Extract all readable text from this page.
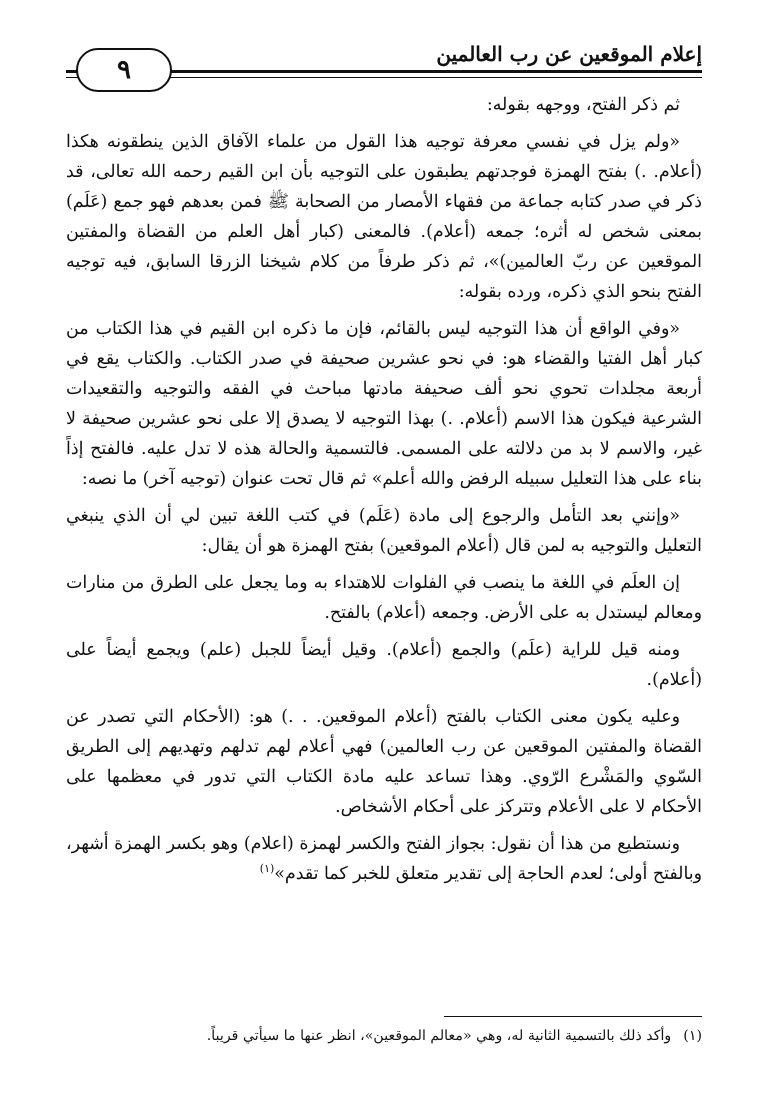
إعلام الموقعين عن رب العالمين
٩

ثم ذكر الفتح، ووجهه بقوله:

«ولم يزل في نفسي معرفة توجيه هذا القول من علماء الآفاق الذين ينطقونه هكذا (أعلام. .) بفتح الهمزة فوجدتهم يطبقون على التوجيه بأن ابن القيم رحمه الله تعالى، قد ذكر في صدر كتابه جماعة من فقهاء الأمصار من الصحابة ﷺ فمن بعدهم فهو جمع (عَلَم) بمعنى شخص له أثره؛ جمعه (أعلام). فالمعنى (كبار أهل العلم من القضاة والمفتين الموقعين عن ربّ العالمين)»، ثم ذكر طرفاً من كلام شيخنا الزرقا السابق، فيه توجيه الفتح بنحو الذي ذكره، ورده بقوله:

«وفي الواقع أن هذا التوجيه ليس بالقائم، فإن ما ذكره ابن القيم في هذا الكتاب من كبار أهل الفتيا والقضاء هو: في نحو عشرين صحيفة في صدر الكتاب. والكتاب يقع في أربعة مجلدات تحوي نحو ألف صحيفة مادتها مباحث في الفقه والتوجيه والتقعيدات الشرعية فيكون هذا الاسم (أعلام. .) بهذا التوجيه لا يصدق إلا على نحو عشرين صحيفة لا غير، والاسم لا بد من دلالته على المسمى. فالتسمية والحالة هذه لا تدل عليه. فالفتح إذاً بناء على هذا التعليل سبيله الرفض والله أعلم» ثم قال تحت عنوان (توجيه آخر) ما نصه:

«وإنني بعد التأمل والرجوع إلى مادة (عَلَم) في كتب اللغة تبين لي أن الذي ينبغي التعليل والتوجيه به لمن قال (أعلام الموقعين) بفتح الهمزة هو أن يقال:

إن العلَم في اللغة ما ينصب في الفلوات للاهتداء به وما يجعل على الطرق من منارات ومعالم ليستدل به على الأرض. وجمعه (أعلام) بالفتح.

ومنه قيل للراية (علَم) والجمع (أعلام). وقيل أيضاً للجبل (علم) ويجمع أيضاً على (أعلام).

وعليه يكون معنى الكتاب بالفتح (أعلام الموقعين. . .) هو: (الأحكام التي تصدر عن القضاة والمفتين الموقعين عن رب العالمين) فهي أعلام لهم تدلهم وتهديهم إلى الطريق السّوي والمَشْرع الرّوي. وهذا تساعد عليه مادة الكتاب التي تدور في معظمها على الأحكام لا على الأعلام وتتركز على أحكام الأشخاص.

ونستطيع من هذا أن نقول: بجواز الفتح والكسر لهمزة (اعلام) وهو بكسر الهمزة أشهر، وبالفتح أولى؛ لعدم الحاجة إلى تقدير متعلق للخبر كما تقدم»$^{(١)}$

(١)
وأكد ذلك بالتسمية الثانية له، وهي «معالم الموقعين»، انظر عنها ما سيأتي قريباً.
